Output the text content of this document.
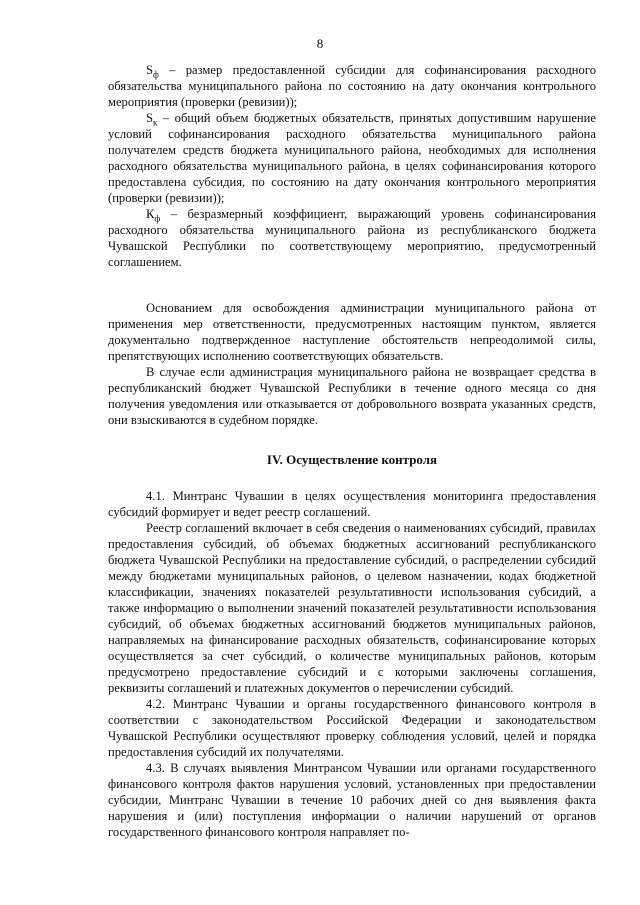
8

$S_ф$ – размер предоставленной субсидии для софинансирования расходного обязательства муниципального района по состоянию на дату окончания контрольного мероприятия (проверки (ревизии));

$S_к$ – общий объем бюджетных обязательств, принятых допустившим нарушение условий софинансирования расходного обязательства муниципального района получателем средств бюджета муниципального района, необходимых для исполнения расходного обязательства муниципального района, в целях софинансирования которого предоставлена субсидия, по состоянию на дату окончания контрольного мероприятия (проверки (ревизии));

$К_ф$ – безразмерный коэффициент, выражающий уровень софинансирования расходного обязательства муниципального района из республиканского бюджета Чувашской Республики по соответствующему мероприятию, предусмотренный соглашением.

Основанием для освобождения администрации муниципального района от применения мер ответственности, предусмотренных настоящим пунктом, является документально подтвержденное наступление обстоятельств непреодолимой силы, препятствующих исполнению соответствующих обязательств.

В случае если администрация муниципального района не возвращает средства в республиканский бюджет Чувашской Республики в течение одного месяца со дня получения уведомления или отказывается от добровольного возврата указанных средств, они взыскиваются в судебном порядке.

IV. Осуществление контроля

4.1. Минтранс Чувашии в целях осуществления мониторинга предоставления субсидий формирует и ведет реестр соглашений.

Реестр соглашений включает в себя сведения о наименованиях субсидий, правилах предоставления субсидий, об объемах бюджетных ассигнований республиканского бюджета Чувашской Республики на предоставление субсидий, о распределении субсидий между бюджетами муниципальных районов, о целевом назначении, кодах бюджетной классификации, значениях показателей результативности использования субсидий, а также информацию о выполнении значений показателей результативности использования субсидий, об объемах бюджетных ассигнований бюджетов муниципальных районов, направляемых на финансирование расходных обязательств, софинансирование которых осуществляется за счет субсидий, о количестве муниципальных районов, которым предусмотрено предоставление субсидий и с которыми заключены соглашения, реквизиты соглашений и платежных документов о перечислении субсидий.

4.2. Минтранс Чувашии и органы государственного финансового контроля в соответствии с законодательством Российской Федерации и законодательством Чувашской Республики осуществляют проверку соблюдения условий, целей и порядка предоставления субсидий их получателями.

4.3. В случаях выявления Минтрансом Чувашии или органами государственного финансового контроля фактов нарушения условий, установленных при предоставлении субсидии, Минтранс Чувашии в течение 10 рабочих дней со дня выявления факта нарушения и (или) поступления информации о наличии нарушений от органов государственного финансового контроля направляет по-
